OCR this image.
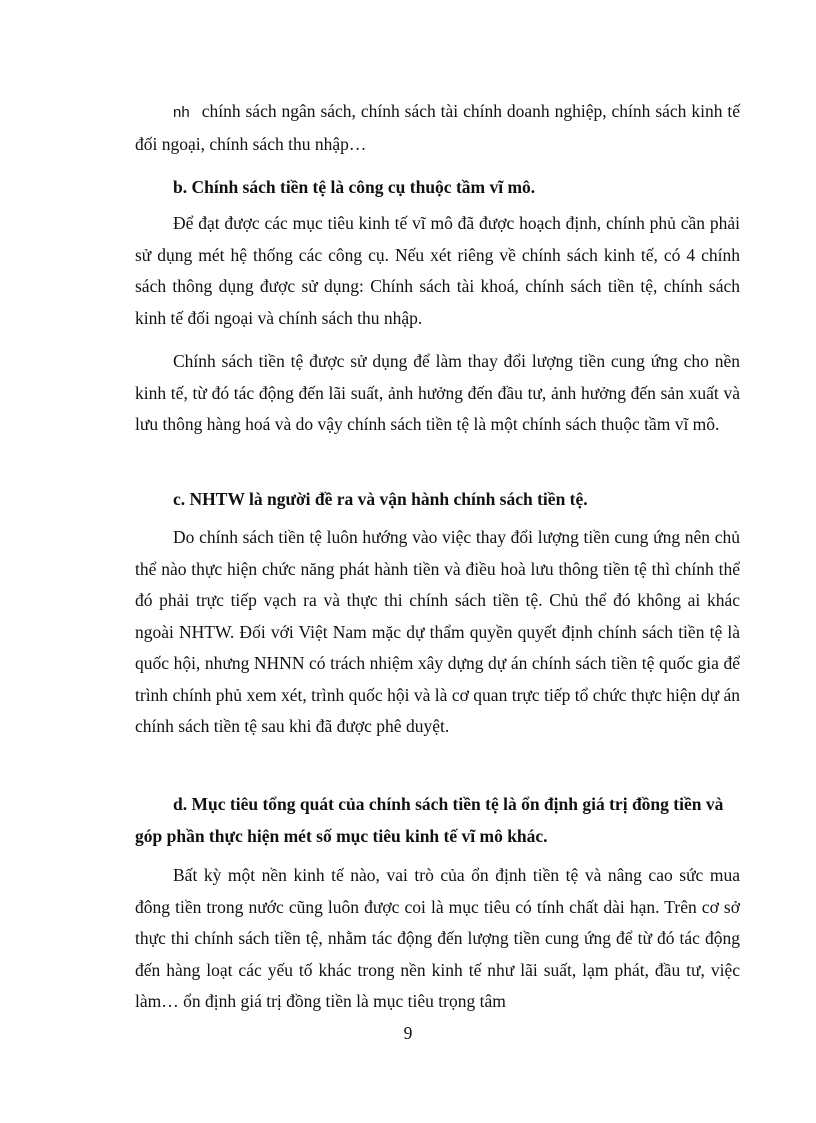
nh chính sách ngân sách, chính sách tài chính doanh nghiệp, chính sách kinh tế đối ngoại, chính sách thu nhập…
b. Chính sách tiền tệ là công cụ thuộc tầm vĩ mô.
Để đạt được các mục tiêu kinh tế vĩ mô đã được hoạch định, chính phủ cần phải sử dụng mét hệ thống các công cụ. Nếu xét riêng về chính sách kinh tế, có 4 chính sách thông dụng được sử dụng: Chính sách tài khoá, chính sách tiền tệ, chính sách kinh tế đối ngoại và chính sách thu nhập.
Chính sách tiền tệ được sử dụng để làm thay đổi lượng tiền cung ứng cho nền kinh tế, từ đó tác động đến lãi suất, ảnh hưởng đến đầu tư, ảnh hưởng đến sản xuất và lưu thông hàng hoá và do vậy chính sách tiền tệ là một chính sách thuộc tầm vĩ mô.
c. NHTW là người đề ra và vận hành chính sách tiền tệ.
Do chính sách tiền tệ luôn hướng vào việc thay đổi lượng tiền cung ứng nên chủ thể nào thực hiện chức năng phát hành tiền và điều hoà lưu thông tiền tệ thì chính thể đó phải trực tiếp vạch ra và thực thi chính sách tiền tệ. Chủ thể đó không ai khác ngoài NHTW. Đối với Việt Nam mặc dự thẩm quyền quyết định chính sách tiền tệ là quốc hội, nhưng NHNN có trách nhiệm xây dựng dự án chính sách tiền tệ quốc gia để trình chính phủ xem xét, trình quốc hội và là cơ quan trực tiếp tổ chức thực hiện dự án chính sách tiền tệ sau khi đã được phê duyệt.
d. Mục tiêu tổng quát của chính sách tiền tệ là ổn định giá trị đồng tiền và góp phần thực hiện mét số mục tiêu kinh tế vĩ mô khác.
Bất kỳ một nền kinh tế nào, vai trò của ổn định tiền tệ và nâng cao sức mua đông tiền trong nước cũng luôn được coi là mục tiêu có tính chất dài hạn. Trên cơ sở thực thi chính sách tiền tệ, nhằm tác động đến lượng tiền cung ứng để từ đó tác động đến hàng loạt các yếu tố khác trong nền kinh tế như lãi suất, lạm phát, đầu tư, việc làm… ổn định giá trị đồng tiền là mục tiêu trọng tâm
9
